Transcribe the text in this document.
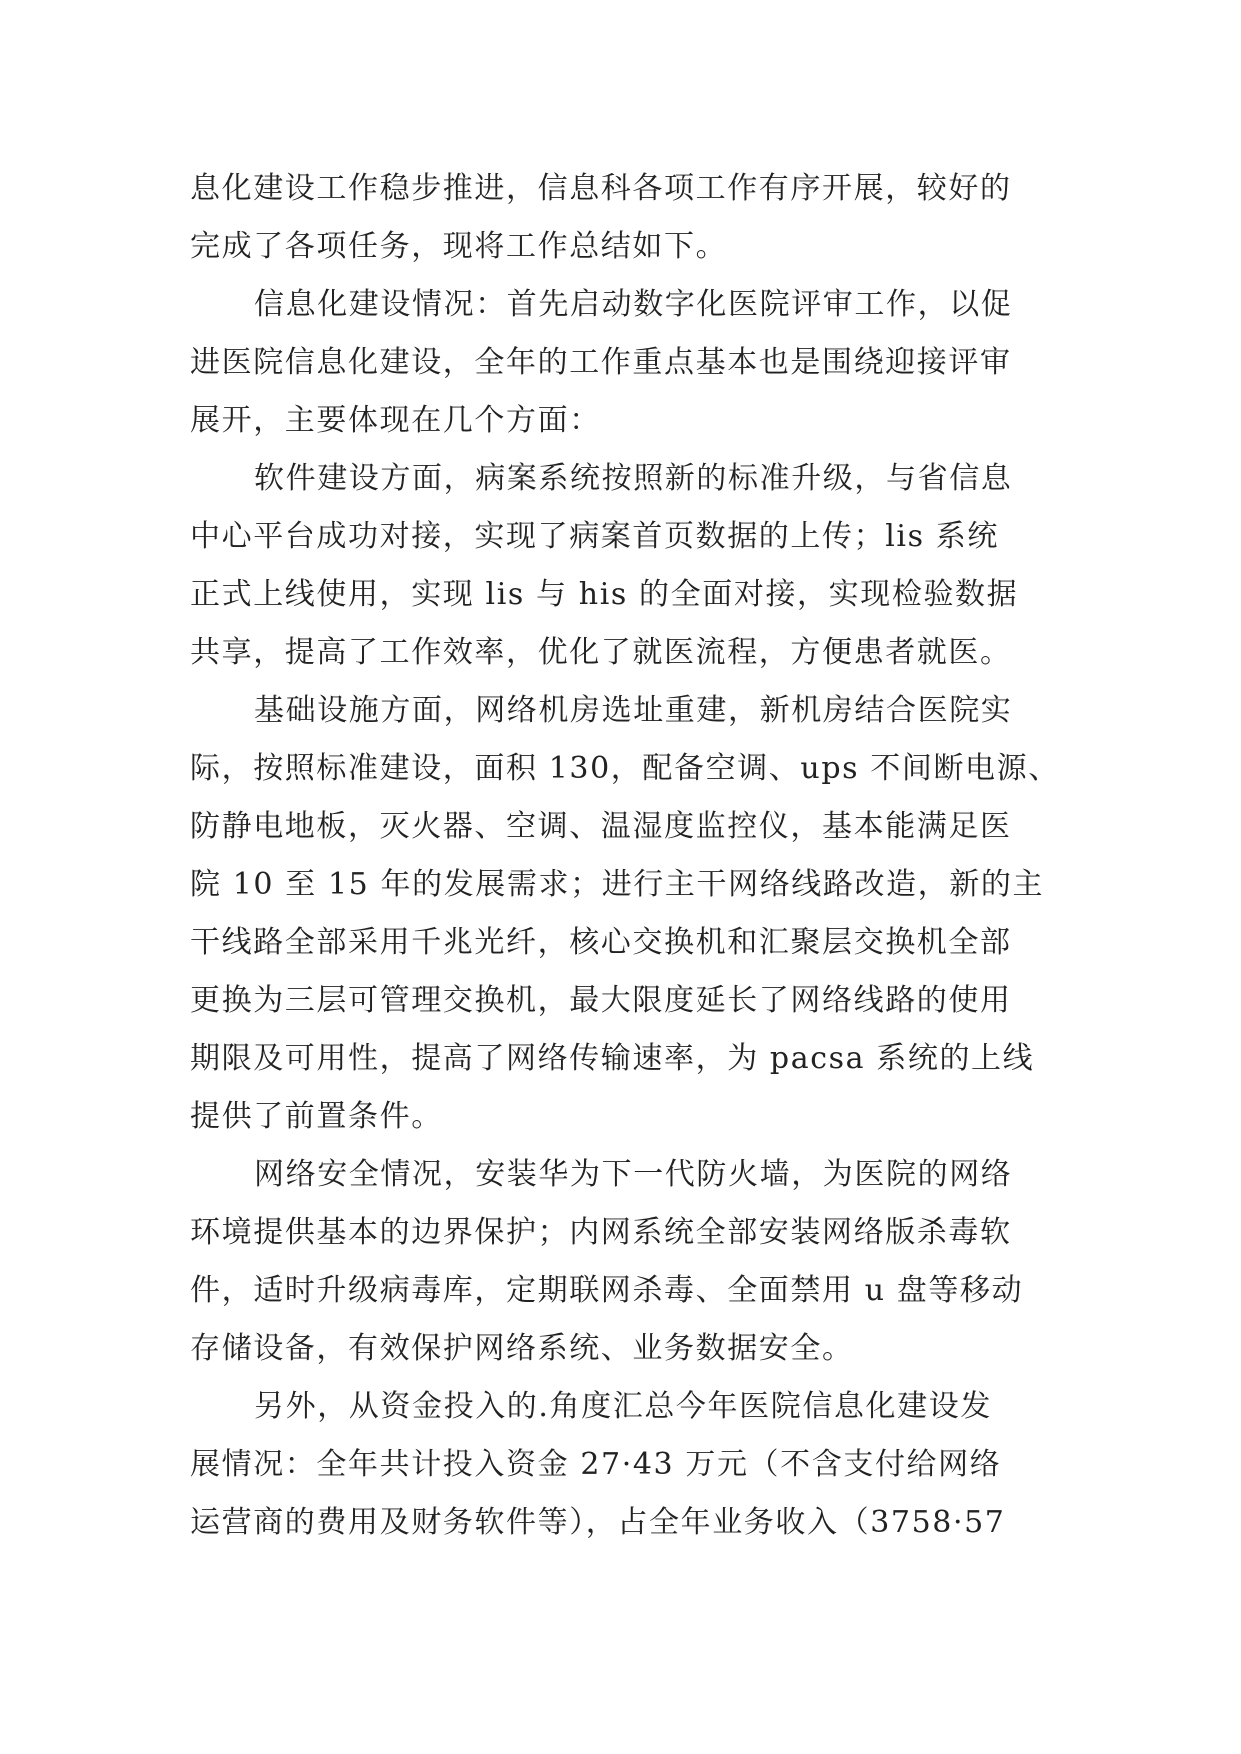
息化建设工作稳步推进，信息科各项工作有序开展，较好的
完成了各项任务，现将工作总结如下。
信息化建设情况：首先启动数字化医院评审工作，以促
进医院信息化建设，全年的工作重点基本也是围绕迎接评审
展开，主要体现在几个方面：
软件建设方面，病案系统按照新的标准升级，与省信息
中心平台成功对接，实现了病案首页数据的上传；lis 系统
正式上线使用，实现 lis 与 his 的全面对接，实现检验数据
共享，提高了工作效率，优化了就医流程，方便患者就医。
基础设施方面，网络机房选址重建，新机房结合医院实
际，按照标准建设，面积 130，配备空调、ups 不间断电源、
防静电地板，灭火器、空调、温湿度监控仪，基本能满足医
院 10 至 15 年的发展需求；进行主干网络线路改造，新的主
干线路全部采用千兆光纤，核心交换机和汇聚层交换机全部
更换为三层可管理交换机，最大限度延长了网络线路的使用
期限及可用性，提高了网络传输速率，为 pacsa 系统的上线
提供了前置条件。
网络安全情况，安装华为下一代防火墙，为医院的网络
环境提供基本的边界保护；内网系统全部安装网络版杀毒软
件，适时升级病毒库，定期联网杀毒、全面禁用 u 盘等移动
存储设备，有效保护网络系统、业务数据安全。
另外，从资金投入的.角度汇总今年医院信息化建设发
展情况：全年共计投入资金 27·43 万元（不含支付给网络
运营商的费用及财务软件等），占全年业务收入（3758·57
